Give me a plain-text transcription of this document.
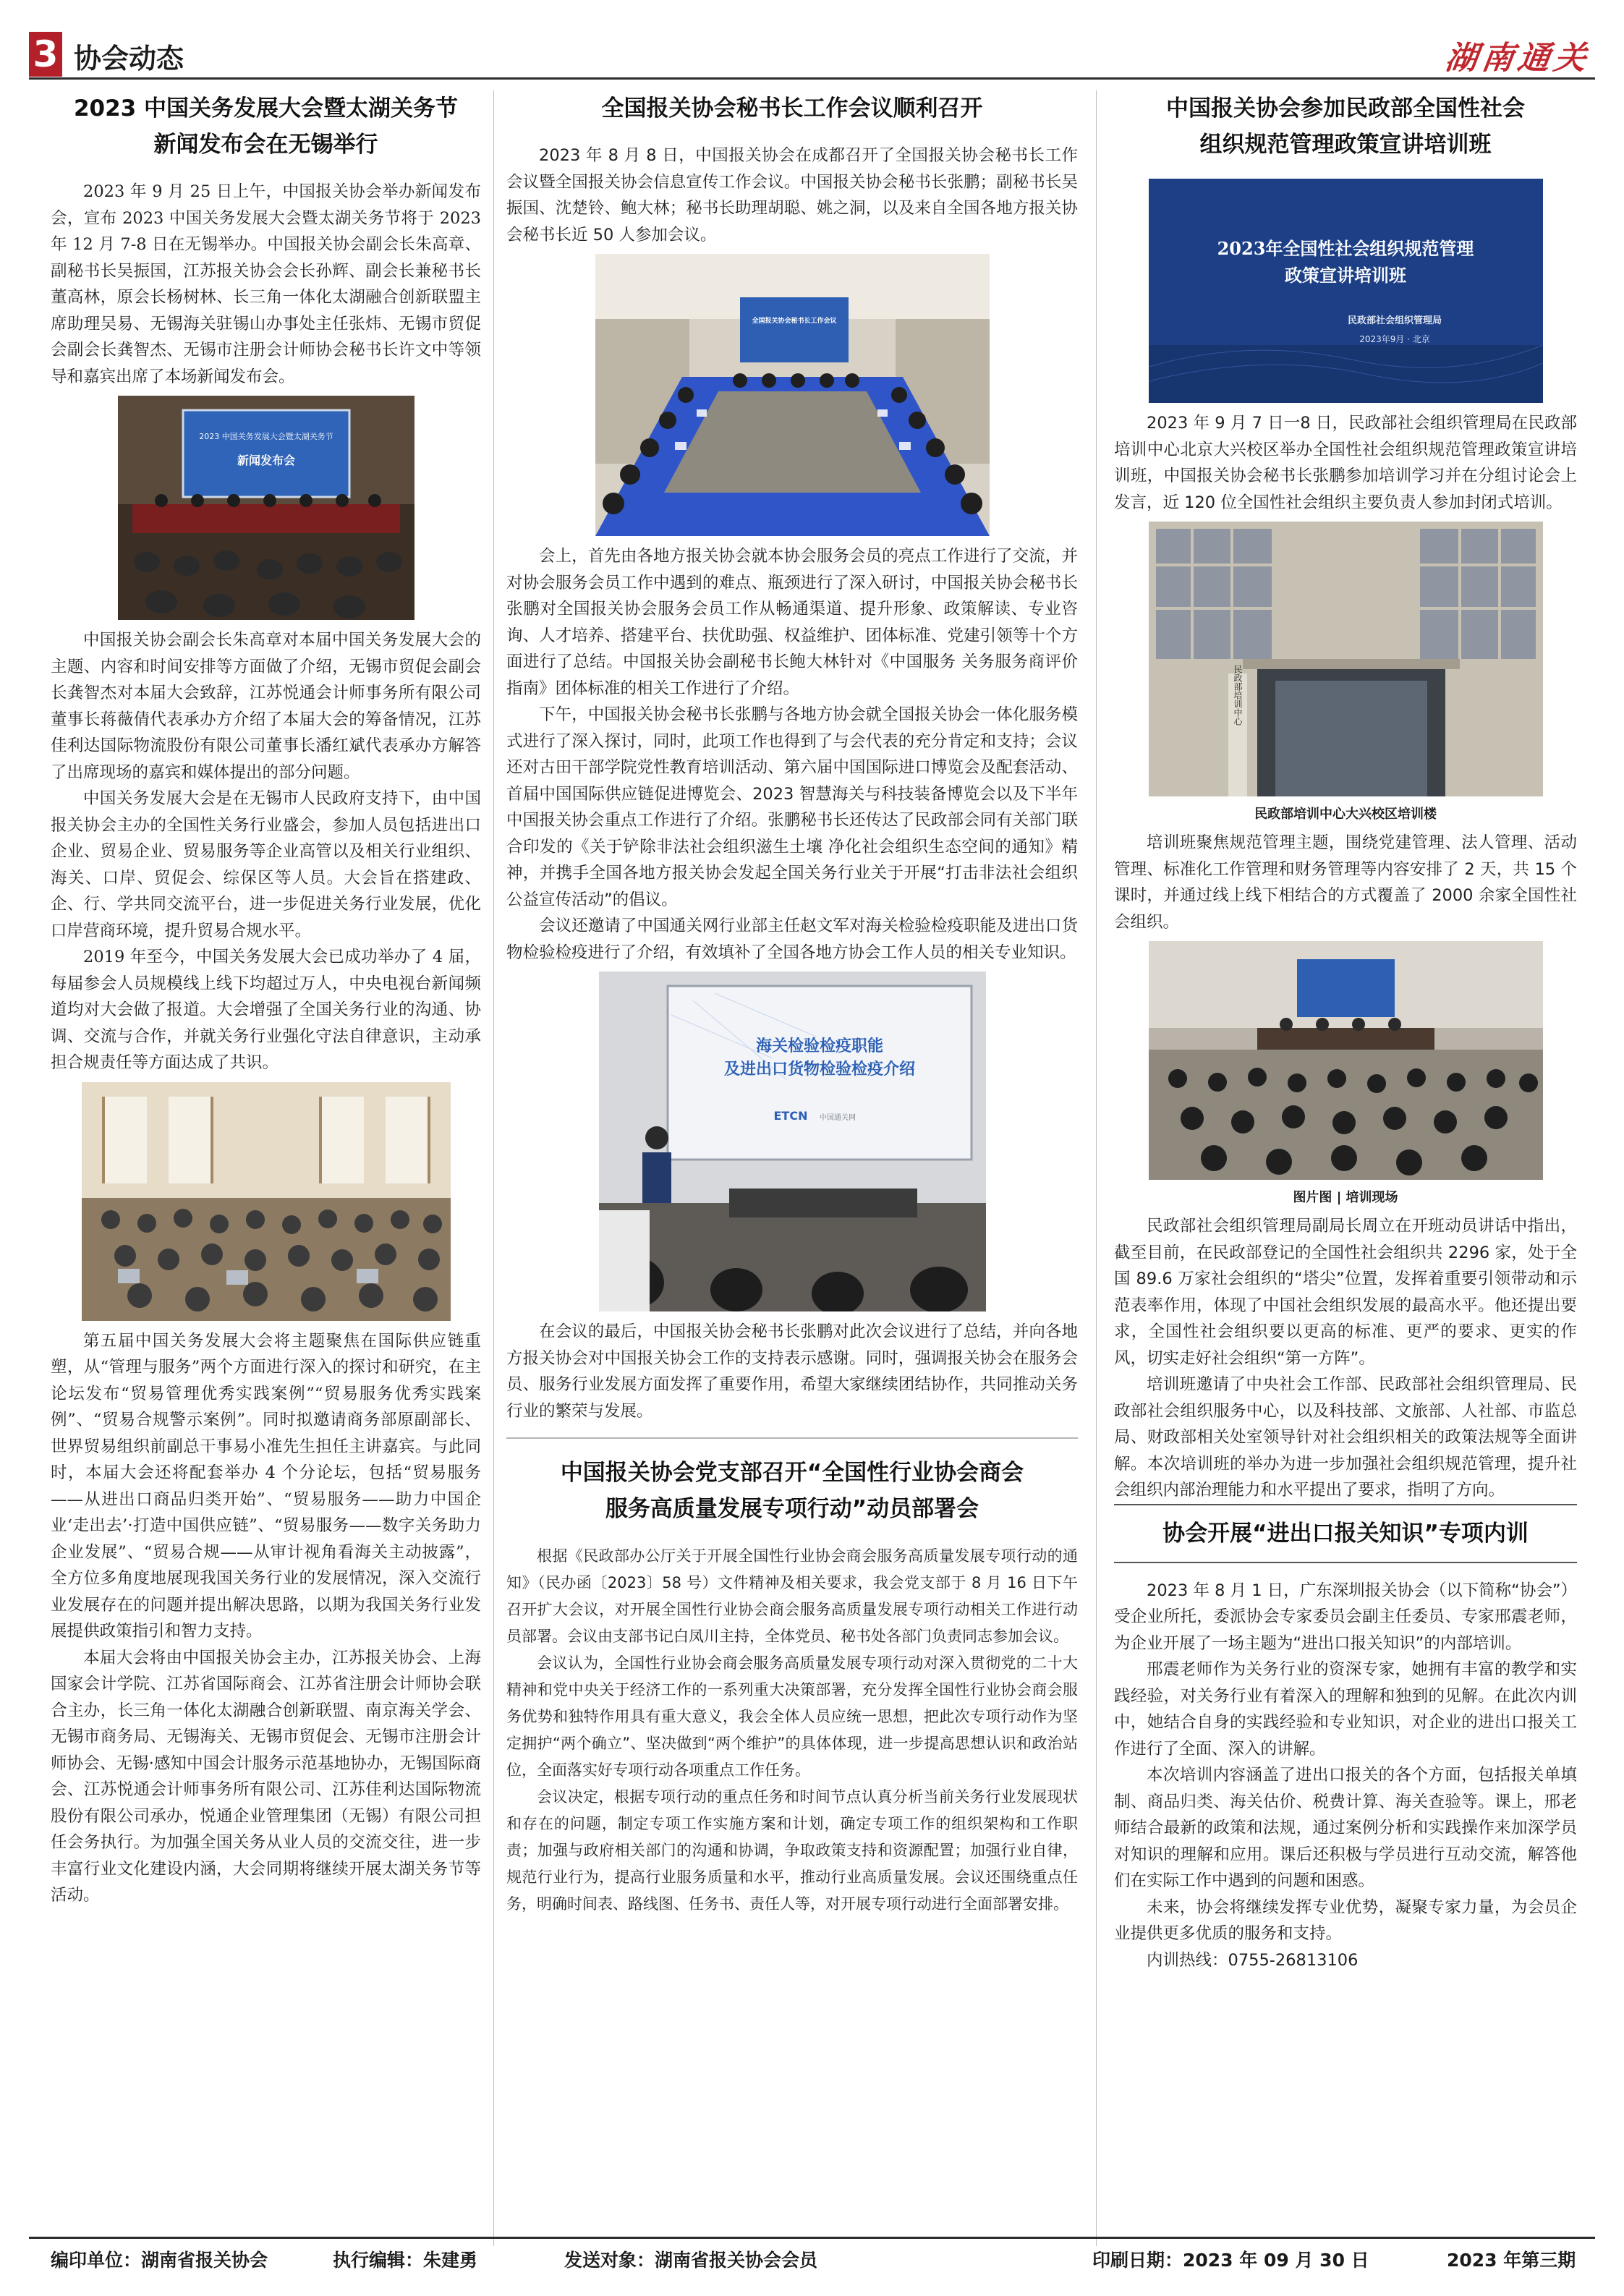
3 协会动态	湖南通关
2023 中国关务发展大会暨太湖关务节
新闻发布会在无锡举行

2023 年 9 月 25 日上午，中国报关协会举办新闻发布会，宣布 2023 中国关务发展大会暨太湖关务节将于 2023 年 12 月 7-8 日在无锡举办。中国报关协会副会长朱高章、副秘书长吴振国，江苏报关协会会长孙辉、副会长兼秘书长董高林，原会长杨树林、长三角一体化太湖融合创新联盟主席助理吴易、无锡海关驻锡山办事处主任张炜、无锡市贸促会副会长龚智杰、无锡市注册会计师协会秘书长许文中等领导和嘉宾出席了本场新闻发布会。

2023 中国关务发展大会暨太湖关务节
新闻发布会

中国报关协会副会长朱高章对本届中国关务发展大会的主题、内容和时间安排等方面做了介绍，无锡市贸促会副会长龚智杰对本届大会致辞，江苏悦通会计师事务所有限公司董事长蒋薇倩代表承办方介绍了本届大会的筹备情况，江苏佳利达国际物流股份有限公司董事长潘红斌代表承办方解答了出席现场的嘉宾和媒体提出的部分问题。

中国关务发展大会是在无锡市人民政府支持下，由中国报关协会主办的全国性关务行业盛会，参加人员包括进出口企业、贸易企业、贸易服务等企业高管以及相关行业组织、海关、口岸、贸促会、综保区等人员。大会旨在搭建政、企、行、学共同交流平台，进一步促进关务行业发展，优化口岸营商环境，提升贸易合规水平。

2019 年至今，中国关务发展大会已成功举办了 4 届，每届参会人员规模线上线下均超过万人，中央电视台新闻频道均对大会做了报道。大会增强了全国关务行业的沟通、协调、交流与合作，并就关务行业强化守法自律意识，主动承担合规责任等方面达成了共识。

第五届中国关务发展大会将主题聚焦在国际供应链重塑，从“管理与服务”两个方面进行深入的探讨和研究，在主论坛发布“贸易管理优秀实践案例”“贸易服务优秀实践案例”、“贸易合规警示案例”。同时拟邀请商务部原副部长、世界贸易组织前副总干事易小准先生担任主讲嘉宾。与此同时，本届大会还将配套举办 4 个分论坛，包括“贸易服务——从进出口商品归类开始”、“贸易服务——助力中国企业‘走出去’·打造中国供应链”、“贸易服务——数字关务助力企业发展”、“贸易合规——从审计视角看海关主动披露”，全方位多角度地展现我国关务行业的发展情况，深入交流行业发展存在的问题并提出解决思路，以期为我国关务行业发展提供政策指引和智力支持。

本届大会将由中国报关协会主办，江苏报关协会、上海国家会计学院、江苏省国际商会、江苏省注册会计师协会联合主办，长三角一体化太湖融合创新联盟、南京海关学会、无锡市商务局、无锡海关、无锡市贸促会、无锡市注册会计师协会、无锡·感知中国会计服务示范基地协办，无锡国际商会、江苏悦通会计师事务所有限公司、江苏佳利达国际物流股份有限公司承办，悦通企业管理集团（无锡）有限公司担任会务执行。为加强全国关务从业人员的交流交往，进一步丰富行业文化建设内涵，大会同期将继续开展太湖关务节等活动。

全国报关协会秘书长工作会议顺利召开

2023 年 8 月 8 日，中国报关协会在成都召开了全国报关协会秘书长工作会议暨全国报关协会信息宣传工作会议。中国报关协会秘书长张鹏；副秘书长吴振国、沈楚铃、鲍大林；秘书长助理胡聪、姚之洞，以及来自全国各地方报关协会秘书长近 50 人参加会议。

全国报关协会秘书长工作会议

会上，首先由各地方报关协会就本协会服务会员的亮点工作进行了交流，并对协会服务会员工作中遇到的难点、瓶颈进行了深入研讨，中国报关协会秘书长张鹏对全国报关协会服务会员工作从畅通渠道、提升形象、政策解读、专业咨询、人才培养、搭建平台、扶优助强、权益维护、团体标准、党建引领等十个方面进行了总结。中国报关协会副秘书长鲍大林针对《中国服务 关务服务商评价指南》团体标准的相关工作进行了介绍。

下午，中国报关协会秘书长张鹏与各地方协会就全国报关协会一体化服务模式进行了深入探讨，同时，此项工作也得到了与会代表的充分肯定和支持；会议还对古田干部学院党性教育培训活动、第六届中国国际进口博览会及配套活动、首届中国国际供应链促进博览会、2023 智慧海关与科技装备博览会以及下半年中国报关协会重点工作进行了介绍。张鹏秘书长还传达了民政部会同有关部门联合印发的《关于铲除非法社会组织滋生土壤 净化社会组织生态空间的通知》精神，并携手全国各地方报关协会发起全国关务行业关于开展“打击非法社会组织公益宣传活动”的倡议。

会议还邀请了中国通关网行业部主任赵文军对海关检验检疫职能及进出口货物检验检疫进行了介绍，有效填补了全国各地方协会工作人员的相关专业知识。

海关检验检疫职能
及进出口货物检验检疫介绍
ETCN 中国通关网

在会议的最后，中国报关协会秘书长张鹏对此次会议进行了总结，并向各地方报关协会对中国报关协会工作的支持表示感谢。同时，强调报关协会在服务会员、服务行业发展方面发挥了重要作用，希望大家继续团结协作，共同推动关务行业的繁荣与发展。

中国报关协会党支部召开“全国性行业协会商会
服务高质量发展专项行动”动员部署会

根据《民政部办公厅关于开展全国性行业协会商会服务高质量发展专项行动的通知》（民办函〔2023〕58 号）文件精神及相关要求，我会党支部于 8 月 16 日下午召开扩大会议，对开展全国性行业协会商会服务高质量发展专项行动相关工作进行动员部署。会议由支部书记白凤川主持，全体党员、秘书处各部门负责同志参加会议。

会议认为，全国性行业协会商会服务高质量发展专项行动对深入贯彻党的二十大精神和党中央关于经济工作的一系列重大决策部署，充分发挥全国性行业协会商会服务优势和独特作用具有重大意义，我会全体人员应统一思想，把此次专项行动作为坚定拥护“两个确立”、坚决做到“两个维护”的具体体现，进一步提高思想认识和政治站位，全面落实好专项行动各项重点工作任务。

会议决定，根据专项行动的重点任务和时间节点认真分析当前关务行业发展现状和存在的问题，制定专项工作实施方案和计划，确定专项工作的组织架构和工作职责；加强与政府相关部门的沟通和协调，争取政策支持和资源配置；加强行业自律，规范行业行为，提高行业服务质量和水平，推动行业高质量发展。会议还围绕重点任务，明确时间表、路线图、任务书、责任人等，对开展专项行动进行全面部署安排。

中国报关协会参加民政部全国性社会
组织规范管理政策宣讲培训班
2023年全国性社会组织规范管理
政策宣讲培训班
民政部社会组织管理局
2023年9月 · 北京

2023 年 9 月 7 日一8 日，民政部社会组织管理局在民政部培训中心北京大兴校区举办全国性社会组织规范管理政策宣讲培训班，中国报关协会秘书长张鹏参加培训学习并在分组讨论会上发言，近 120 位全国性社会组织主要负责人参加封闭式培训。

民政部培训中心

民政部培训中心大兴校区培训楼

培训班聚焦规范管理主题，围绕党建管理、法人管理、活动管理、标准化工作管理和财务管理等内容安排了 2 天，共 15 个课时，并通过线上线下相结合的方式覆盖了 2000 余家全国性社会组织。

图片图 | 培训现场

民政部社会组织管理局副局长周立在开班动员讲话中指出，截至目前，在民政部登记的全国性社会组织共 2296 家，处于全国 89.6 万家社会组织的“塔尖”位置，发挥着重要引领带动和示范表率作用，体现了中国社会组织发展的最高水平。他还提出要求，全国性社会组织要以更高的标准、更严的要求、更实的作风，切实走好社会组织“第一方阵”。

培训班邀请了中央社会工作部、民政部社会组织管理局、民政部社会组织服务中心，以及科技部、文旅部、人社部、市监总局、财政部相关处室领导针对社会组织相关的政策法规等全面讲解。本次培训班的举办为进一步加强社会组织规范管理，提升社会组织内部治理能力和水平提出了要求，指明了方向。

协会开展“进出口报关知识”专项内训

2023 年 8 月 1 日，广东深圳报关协会（以下简称“协会”）受企业所托，委派协会专家委员会副主任委员、专家邢震老师，为企业开展了一场主题为“进出口报关知识”的内部培训。

邢震老师作为关务行业的资深专家，她拥有丰富的教学和实践经验，对关务行业有着深入的理解和独到的见解。在此次内训中，她结合自身的实践经验和专业知识，对企业的进出口报关工作进行了全面、深入的讲解。

本次培训内容涵盖了进出口报关的各个方面，包括报关单填制、商品归类、海关估价、税费计算、海关查验等。课上，邢老师结合最新的政策和法规，通过案例分析和实践操作来加深学员对知识的理解和应用。课后还积极与学员进行互动交流，解答他们在实际工作中遇到的问题和困惑。

未来，协会将继续发挥专业优势，凝聚专家力量，为会员企业提供更多优质的服务和支持。

内训热线：0755-26813106

编印单位：湖南省报关协会	执行编辑：朱建勇	发送对象：湖南省报关协会会员	印刷日期：2023 年 09 月 30 日	2023 年第三期
